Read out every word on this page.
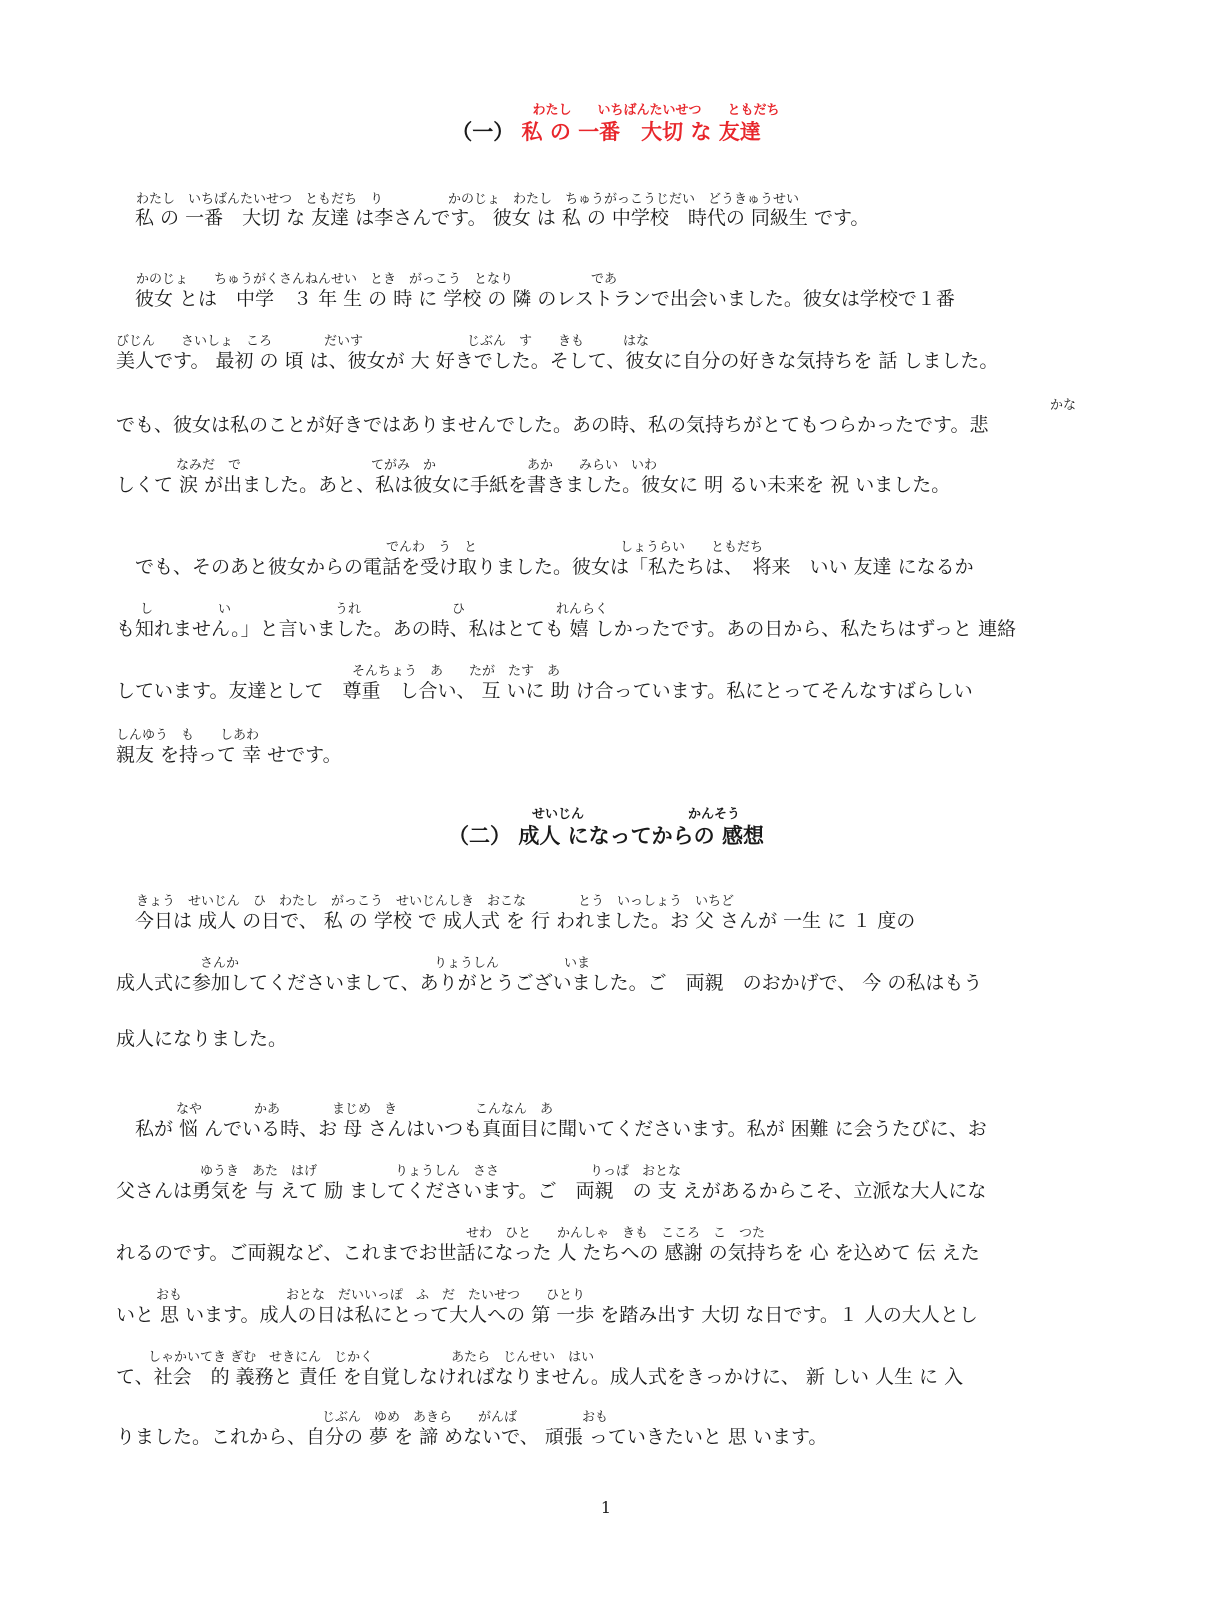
わたし　　いちばんたいせつ　　ともだち
（一） 私 の 一番　大切 な 友達
わたし　いちばんたいせつ　ともだち　り　　　　　かのじょ　わたし　ちゅうがっこうじだい　どうきゅうせい
私 の 一番　大切 な 友達 は李さんです。 彼女 は 私 の 中学校　時代の 同級生 です。
かのじょ　　ちゅうがくさんねんせい　とき　がっこう　となり　　　　　　であ
彼女 とは　中学　３ 年 生 の 時 に 学校 の 隣 のレストランで出会いました。彼女は学校で１番
びじん　　さいしょ　ころ　　　　だいす　　　　　　　　じぶん　す　　きも　　　はな
美人です。 最初 の 頃 は、彼女が 大 好きでした。そして、彼女に自分の好きな気持ちを 話 しました。
かな
でも、彼女は私のことが好きではありませんでした。あの時、私の気持ちがとてもつらかったです。悲
なみだ　で　　　　　　　　　　てがみ　か　　　　　　　あか　　みらい　いわ
しくて 涙 が出ました。あと、私は彼女に手紙を書きました。彼女に 明 るい未来を 祝 いました。
でんわ　う　と　　　　　　　　　　　しょうらい　　ともだち
でも、そのあと彼女からの電話を受け取りました。彼女は「私たちは、　将来　いい 友達 になるか
し　　　　　い　　　　　　　　うれ　　　　　　　ひ　　　　　　　れんらく
も知れません。」と言いました。あの時、私はとても 嬉 しかったです。あの日から、私たちはずっと 連絡
そんちょう　あ　　たが　たす　あ
しています。友達として　尊重　し合い、 互 いに 助 け合っています。私にとってそんなすばらしい
しんゆう　も　　しあわ
親友 を持って 幸 せです。
せいじん　　　　　　　　かんそう
（二） 成人 になってからの 感想
きょう　せいじん　ひ　わたし　がっこう　せいじんしき　おこな　　　　とう　いっしょう　いちど
今日は 成人 の日で、 私 の 学校 で 成人式 を 行 われました。お 父 さんが 一生 に １ 度の
さんか　　　　　　　　　　　　　　　りょうしん　　　　　いま
成人式に参加してくださいまして、ありがとうございました。ご　両親　のおかげで、 今 の私はもう
成人になりました。
なや　　　　かあ　　　　まじめ　き　　　　　　こんなん　あ
私が 悩 んでいる時、お 母 さんはいつも真面目に聞いてくださいます。私が 困難 に会うたびに、お
ゆうき　あた　はげ　　　　　　りょうしん　ささ　　　　　　　りっぱ　おとな
父さんは勇気を 与 えて 励 ましてくださいます。ご　両親　の 支 えがあるからこそ、立派な大人にな
せわ　ひと　　かんしゃ　きも　こころ　こ　つた
れるのです。ご両親など、これまでお世話になった 人 たちへの 感謝 の気持ちを 心 を込めて 伝 えた
おも　　　　　　　　おとな　だいいっぽ　ふ　だ　たいせつ　　ひとり
いと 思 います。成人の日は私にとって大人への 第 一歩 を踏み出す 大切 な日です。１ 人の大人とし
しゃかいてき ぎむ　せきにん　じかく　　　　　　あたら　じんせい　はい
て、社会　的 義務と 責任 を自覚しなければなりません。成人式をきっかけに、 新 しい 人生 に 入
じぶん　ゆめ　あきら　　がんば　　　　　おも
りました。これから、自分の 夢 を 諦 めないで、 頑張 っていきたいと 思 います。
1
